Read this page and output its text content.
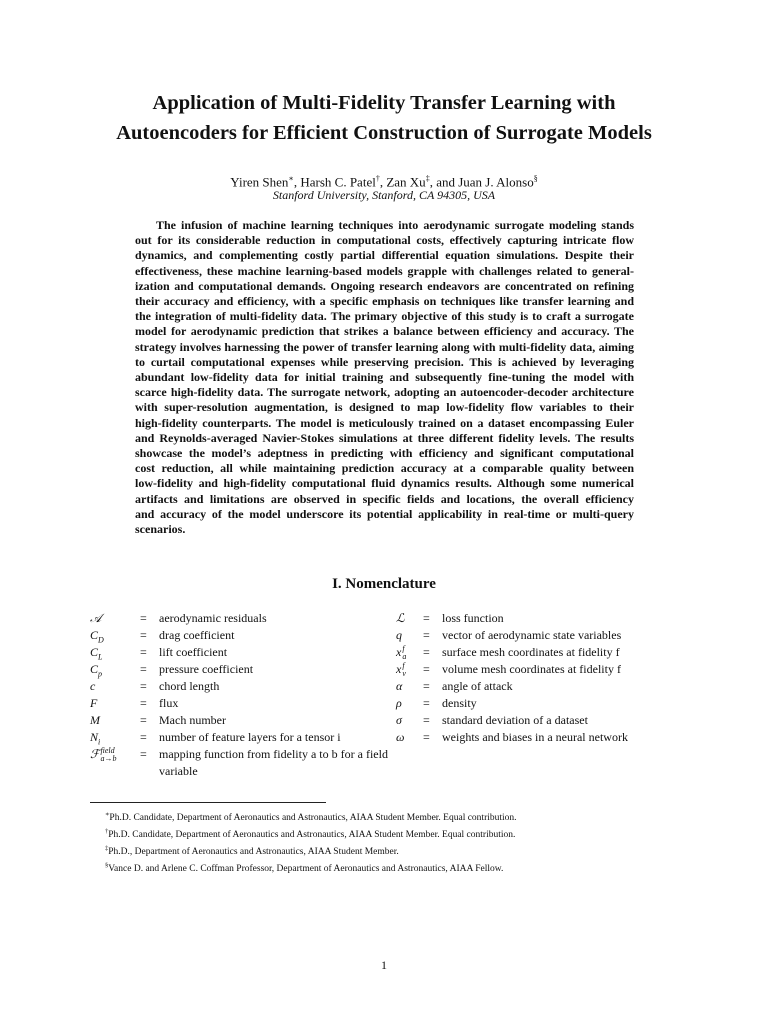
Application of Multi-Fidelity Transfer Learning with
Autoencoders for Efficient Construction of Surrogate Models
Yiren Shen∗, Harsh C. Patel†, Zan Xu‡, and Juan J. Alonso§
Stanford University, Stanford, CA 94305, USA
The infusion of machine learning techniques into aerodynamic surrogate modeling stands
out for its considerable reduction in computational costs, effectively capturing intricate flow
dynamics, and complementing costly partial differential equation simulations. Despite their
effectiveness, these machine learning-based models grapple with challenges related to general-
ization and computational demands. Ongoing research endeavors are concentrated on refining
their accuracy and efficiency, with a specific emphasis on techniques like transfer learning and
the integration of multi-fidelity data. The primary objective of this study is to craft a surrogate
model for aerodynamic prediction that strikes a balance between efficiency and accuracy. The
strategy involves harnessing the power of transfer learning along with multi-fidelity data, aiming
to curtail computational expenses while preserving precision. This is achieved by leveraging
abundant low-fidelity data for initial training and subsequently fine-tuning the model with
scarce high-fidelity data. The surrogate network, adopting an autoencoder-decoder architecture
with super-resolution augmentation, is designed to map low-fidelity flow variables to their
high-fidelity counterparts. The model is meticulously trained on a dataset encompassing Euler
and Reynolds-averaged Navier-Stokes simulations at three different fidelity levels. The results
showcase the model’s adeptness in predicting with efficiency and significant computational
cost reduction, all while maintaining prediction accuracy at a comparable quality between
low-fidelity and high-fidelity computational fluid dynamics results. Although some numerical
artifacts and limitations are observed in specific fields and locations, the overall efficiency
and accuracy of the model underscore its potential applicability in real-time or multi-query
scenarios.
I. Nomenclature
𝒜	= aerodynamic residuals
$C_D$	= drag coefficient
$C_L$	= lift coefficient
$C_p$	= pressure coefficient
c	= chord length
F	= flux
M	= Mach number
$N_i$	= number of feature layers for a tensor i
ℱ field
a→b = mapping function from fidelity a to b for a field variable
ℒ = loss function
q = vector of aerodynamic state variables
x f
a = surface mesh coordinates at fidelity f
x f
v = volume mesh coordinates at fidelity f
α = angle of attack
ρ = density
σ = standard deviation of a dataset
ω = weights and biases in a neural network
∗Ph.D. Candidate, Department of Aeronautics and Astronautics, AIAA Student Member. Equal contribution.
†Ph.D. Candidate, Department of Aeronautics and Astronautics, AIAA Student Member. Equal contribution.
‡Ph.D., Department of Aeronautics and Astronautics, AIAA Student Member.
§Vance D. and Arlene C. Coffman Professor, Department of Aeronautics and Astronautics, AIAA Fellow.
1
